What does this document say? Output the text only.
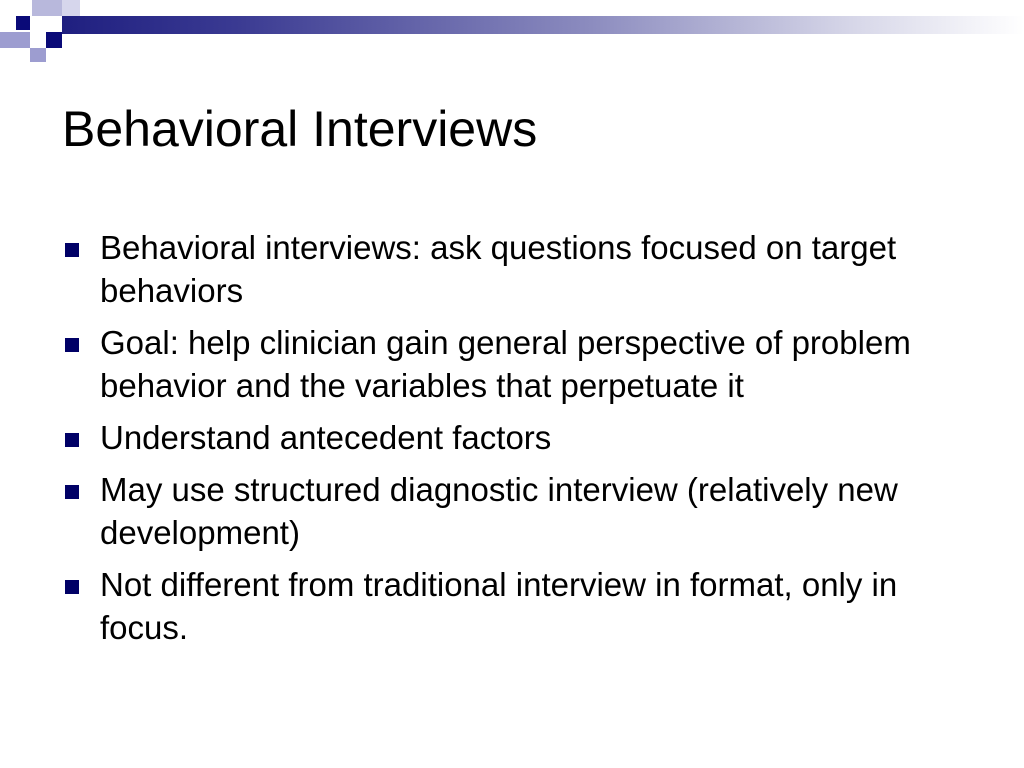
Behavioral Interviews
Behavioral interviews: ask questions focused on target behaviors
Goal: help clinician gain general perspective of problem behavior and the variables that perpetuate it
Understand antecedent factors
May use structured diagnostic interview (relatively new development)
Not different from traditional interview in format, only in focus.
